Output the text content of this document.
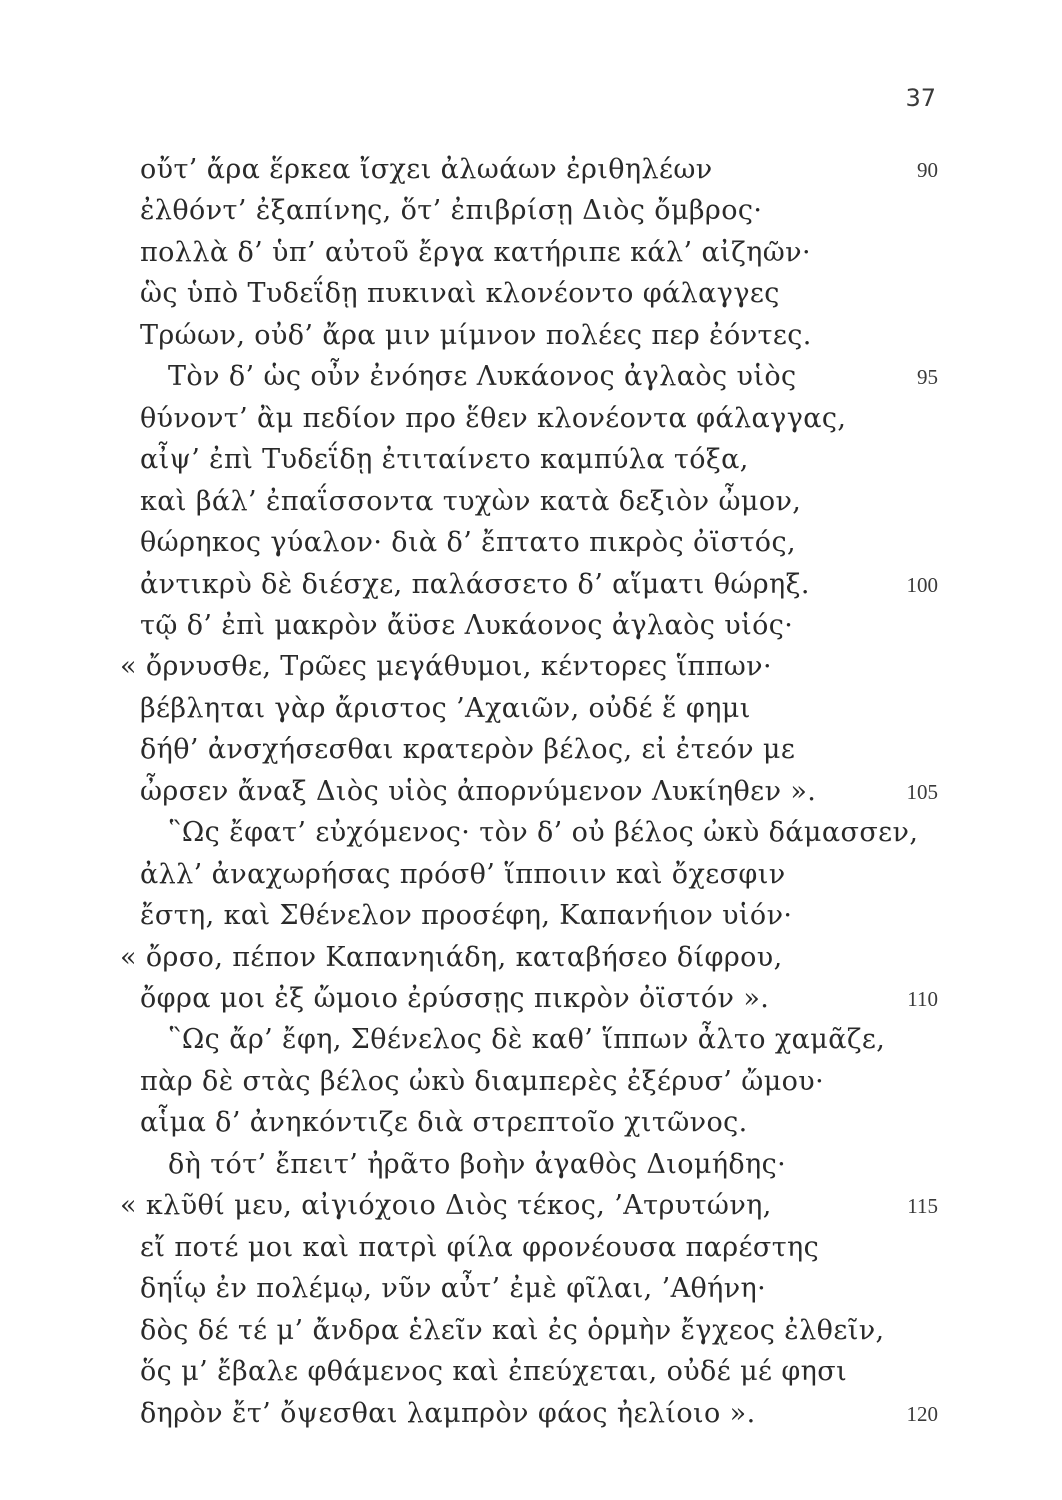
37
οὔτ’ ἄρα ἕρκεα ἴσχει ἀλωάων ἐριθηλέων	90
ἐλθόντ’ ἐξαπίνης, ὅτ’ ἐπιβρίσῃ Διὸς ὄμβρος·
πολλὰ δ’ ὑπ’ αὐτοῦ ἔργα κατήριπε κάλ’ αἰζηῶν·
ὣς ὑπὸ Τυδεΐδῃ πυκιναὶ κλονέοντο φάλαγγες
Τρώων, οὐδ’ ἄρα μιν μίμνον πολέες περ ἐόντες.
Τὸν δ’ ὡς οὖν ἐνόησε Λυκάονος ἀγλαὸς υἱὸς	95
θύνοντ’ ἂμ πεδίον προ ἕθεν κλονέοντα φάλαγγας,
αἶψ’ ἐπὶ Τυδεΐδῃ ἐτιταίνετο καμπύλα τόξα,
καὶ βάλ’ ἐπαΐσσοντα τυχὼν κατὰ δεξιὸν ὦμον,
θώρηκος γύαλον· διὰ δ’ ἔπτατο πικρὸς ὀϊστός,
ἀντικρὺ δὲ διέσχε, παλάσσετο δ’ αἵματι θώρηξ.	100
τῷ δ’ ἐπὶ μακρὸν ἄϋσε Λυκάονος ἀγλαὸς υἱός·
« ὄρνυσθε, Τρῶες μεγάθυμοι, κέντορες ἵππων·
βέβληται γὰρ ἄριστος ’Αχαιῶν, οὐδέ ἕ φημι
δήθ’ ἀνσχήσεσθαι κρατερὸν βέλος, εἰ ἐτεόν με
ὦρσεν ἄναξ Διὸς υἱὸς ἀπορνύμενον Λυκίηθεν ».	105
῝Ως ἔφατ’ εὐχόμενος· τὸν δ’ οὐ βέλος ὠκὺ δάμασσεν,
ἀλλ’ ἀναχωρήσας πρόσθ’ ἵπποιιν καὶ ὄχεσφιν
ἔστη, καὶ Σθένελον προσέφη, Καπανήιον υἱόν·
« ὄρσο, πέπον Καπανηιάδη, καταβήσεο δίφρου,
ὄφρα μοι ἐξ ὤμοιο ἐρύσσῃς πικρὸν ὀϊστόν ».	110
῝Ως ἄρ’ ἔφη, Σθένελος δὲ καθ’ ἵππων ἆλτο χαμᾶζε,
πὰρ δὲ στὰς βέλος ὠκὺ διαμπερὲς ἐξέρυσ’ ὤμου·
αἷμα δ’ ἀνηκόντιζε διὰ στρεπτοῖο χιτῶνος.
δὴ τότ’ ἔπειτ’ ἠρᾶτο βοὴν ἀγαθὸς Διομήδης·
« κλῦθί μευ, αἰγιόχοιο Διὸς τέκος, ’Ατρυτώνη,	115
εἴ ποτέ μοι καὶ πατρὶ φίλα φρονέουσα παρέστης
δηΐῳ ἐν πολέμῳ, νῦν αὖτ’ ἐμὲ φῖλαι, ’Αθήνη·
δὸς δέ τέ μ’ ἄνδρα ἑλεῖν καὶ ἐς ὁρμὴν ἔγχεος ἐλθεῖν,
ὅς μ’ ἔβαλε φθάμενος καὶ ἐπεύχεται, οὐδέ μέ φησι
δηρὸν ἔτ’ ὄψεσθαι λαμπρὸν φάος ἠελίοιο ».	120
